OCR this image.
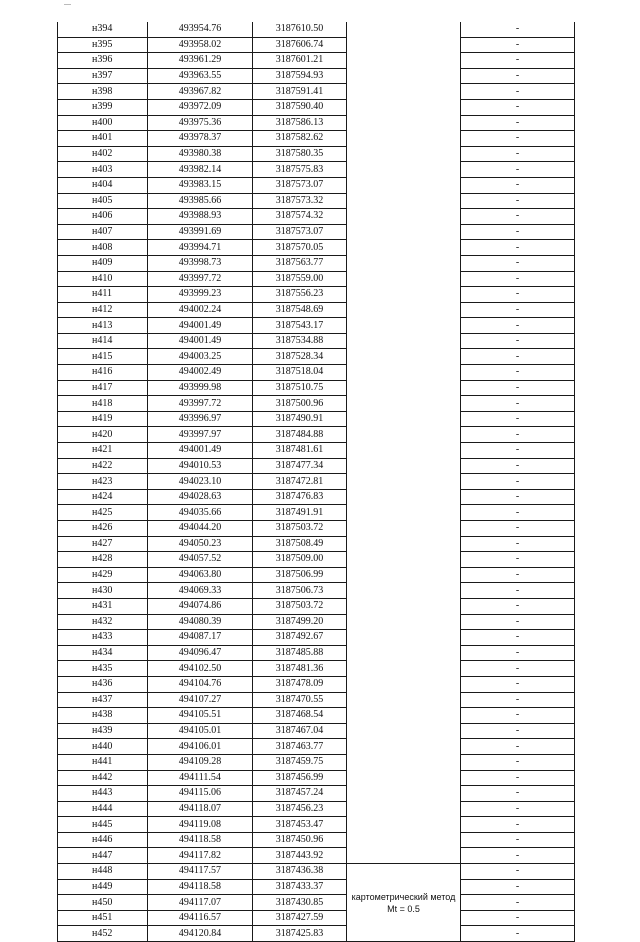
н394	493954.76	3187610.50		-
н395	493958.02	3187606.74		-
н396	493961.29	3187601.21		-
н397	493963.55	3187594.93		-
н398	493967.82	3187591.41		-
н399	493972.09	3187590.40		-
н400	493975.36	3187586.13		-
н401	493978.37	3187582.62		-
н402	493980.38	3187580.35		-
н403	493982.14	3187575.83		-
н404	493983.15	3187573.07		-
н405	493985.66	3187573.32		-
н406	493988.93	3187574.32		-
н407	493991.69	3187573.07		-
н408	493994.71	3187570.05		-
н409	493998.73	3187563.77		-
н410	493997.72	3187559.00		-
н411	493999.23	3187556.23		-
н412	494002.24	3187548.69		-
н413	494001.49	3187543.17		-
н414	494001.49	3187534.88		-
н415	494003.25	3187528.34		-
н416	494002.49	3187518.04		-
н417	493999.98	3187510.75		-
н418	493997.72	3187500.96		-
н419	493996.97	3187490.91		-
н420	493997.97	3187484.88		-
н421	494001.49	3187481.61		-
н422	494010.53	3187477.34		-
н423	494023.10	3187472.81		-
н424	494028.63	3187476.83		-
н425	494035.66	3187491.91		-
н426	494044.20	3187503.72		-
н427	494050.23	3187508.49		-
н428	494057.52	3187509.00		-
н429	494063.80	3187506.99		-
н430	494069.33	3187506.73		-
н431	494074.86	3187503.72		-
н432	494080.39	3187499.20		-
н433	494087.17	3187492.67		-
н434	494096.47	3187485.88		-
н435	494102.50	3187481.36		-
н436	494104.76	3187478.09		-
н437	494107.27	3187470.55		-
н438	494105.51	3187468.54		-
н439	494105.01	3187467.04		-
н440	494106.01	3187463.77		-
н441	494109.28	3187459.75		-
н442	494111.54	3187456.99		-
н443	494115.06	3187457.24		-
н444	494118.07	3187456.23		-
н445	494119.08	3187453.47		-
н446	494118.58	3187450.96		-
н447	494117.82	3187443.92		-
н448	494117.57	3187436.38	картометрический метод Mt = 0.5	-
н449	494118.58	3187433.37		-
н450	494117.07	3187430.85		-
н451	494116.57	3187427.59		-
н452	494120.84	3187425.83		-
